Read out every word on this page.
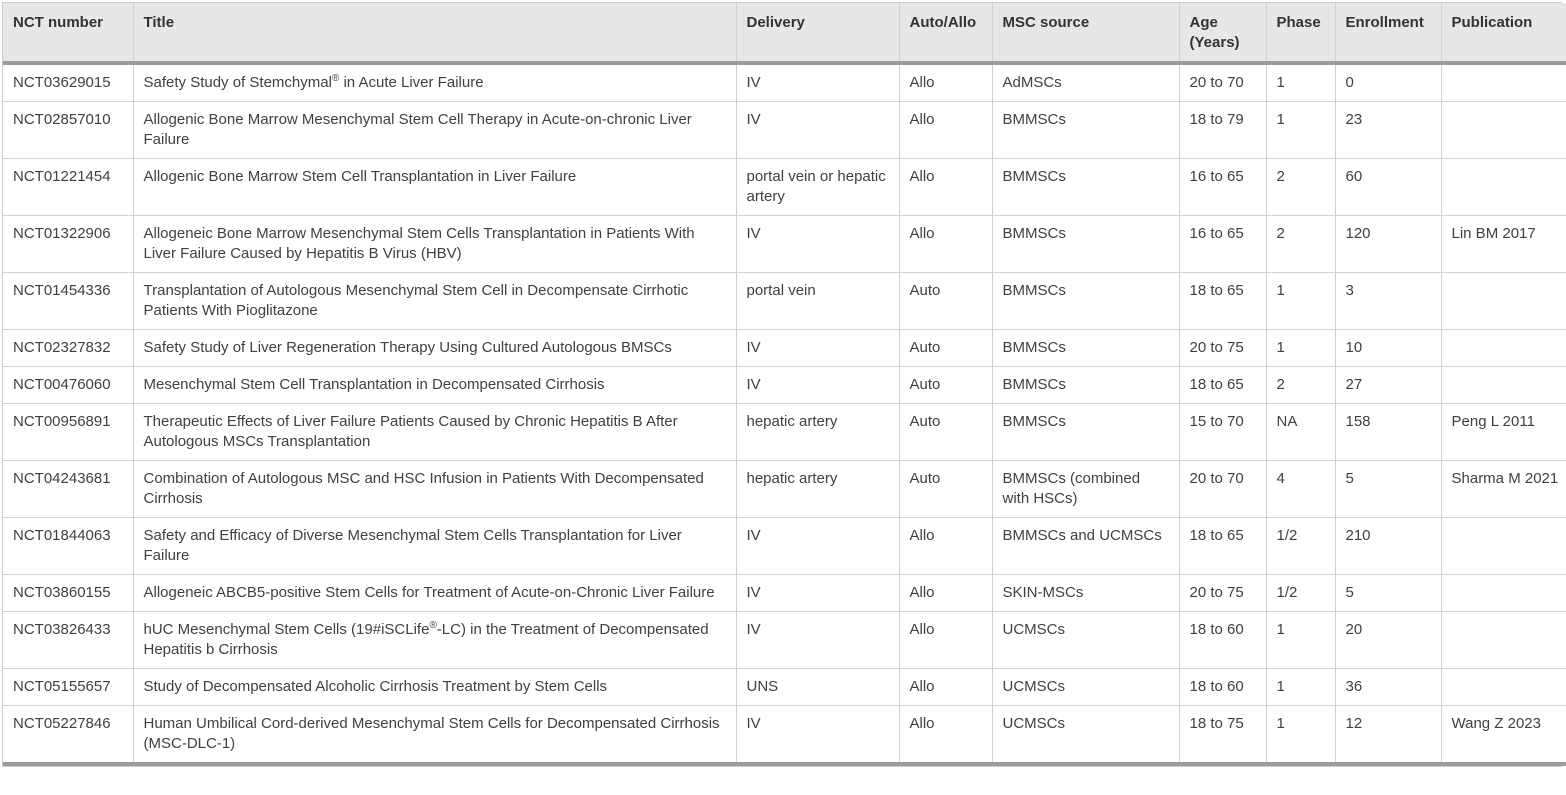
NCT number	Title	Delivery	Auto/Allo	MSC source	Age (Years)	Phase	Enrollment	Publication
NCT03629015	Safety Study of Stemchymal® in Acute Liver Failure	IV	Allo	AdMSCs	20 to 70	1	0	
NCT02857010	Allogenic Bone Marrow Mesenchymal Stem Cell Therapy in Acute-on-chronic Liver Failure	IV	Allo	BMMSCs	18 to 79	1	23	
NCT01221454	Allogenic Bone Marrow Stem Cell Transplantation in Liver Failure	portal vein or hepatic artery	Allo	BMMSCs	16 to 65	2	60	
NCT01322906	Allogeneic Bone Marrow Mesenchymal Stem Cells Transplantation in Patients With Liver Failure Caused by Hepatitis B Virus (HBV)	IV	Allo	BMMSCs	16 to 65	2	120	Lin BM 2017
NCT01454336	Transplantation of Autologous Mesenchymal Stem Cell in Decompensate Cirrhotic Patients With Pioglitazone	portal vein	Auto	BMMSCs	18 to 65	1	3	
NCT02327832	Safety Study of Liver Regeneration Therapy Using Cultured Autologous BMSCs	IV	Auto	BMMSCs	20 to 75	1	10	
NCT00476060	Mesenchymal Stem Cell Transplantation in Decompensated Cirrhosis	IV	Auto	BMMSCs	18 to 65	2	27	
NCT00956891	Therapeutic Effects of Liver Failure Patients Caused by Chronic Hepatitis B After Autologous MSCs Transplantation	hepatic artery	Auto	BMMSCs	15 to 70	NA	158	Peng L 2011
NCT04243681	Combination of Autologous MSC and HSC Infusion in Patients With Decompensated Cirrhosis	hepatic artery	Auto	BMMSCs (combined with HSCs)	20 to 70	4	5	Sharma M 2021
NCT01844063	Safety and Efficacy of Diverse Mesenchymal Stem Cells Transplantation for Liver Failure	IV	Allo	BMMSCs and UCMSCs	18 to 65	1/2	210	
NCT03860155	Allogeneic ABCB5-positive Stem Cells for Treatment of Acute-on-Chronic Liver Failure	IV	Allo	SKIN-MSCs	20 to 75	1/2	5	
NCT03826433	hUC Mesenchymal Stem Cells (19#iSCLife®-LC) in the Treatment of Decompensated Hepatitis b Cirrhosis	IV	Allo	UCMSCs	18 to 60	1	20	
NCT05155657	Study of Decompensated Alcoholic Cirrhosis Treatment by Stem Cells	UNS	Allo	UCMSCs	18 to 60	1	36	
NCT05227846	Human Umbilical Cord-derived Mesenchymal Stem Cells for Decompensated Cirrhosis (MSC-DLC-1)	IV	Allo	UCMSCs	18 to 75	1	12	Wang Z 2023
